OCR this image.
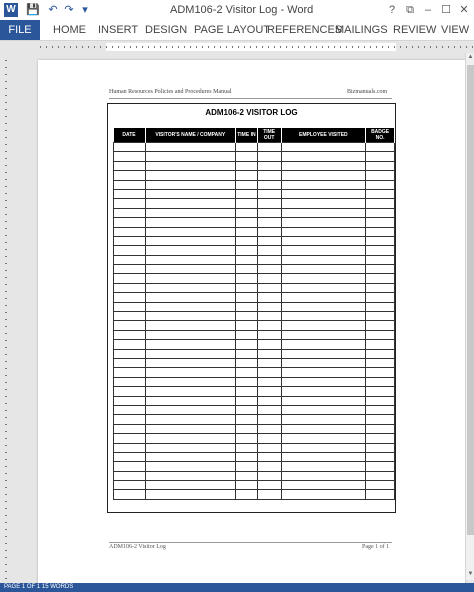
W 💾 ↶ ↷ ▾	ADM106-2 Visitor Log - Word	?	⧉	– ☐ ✕
FILE	HOME INSERT DESIGN PAGE LAYOUT
REFERENCES
MAILINGS REVIEW VIEW
Human Resources Policies and Procedures Manual	Bizmanuals.com
ADM106-2 VISITOR LOG
DATE	VISITOR'S NAME / COMPANY	TIME IN	TIME OUT	EMPLOYEE VISITED	BADGE NO.

ADM106-2 Visitor Log	Page 1 of 1
▲
▼
PAGE 1 OF 1 15 WORDS
